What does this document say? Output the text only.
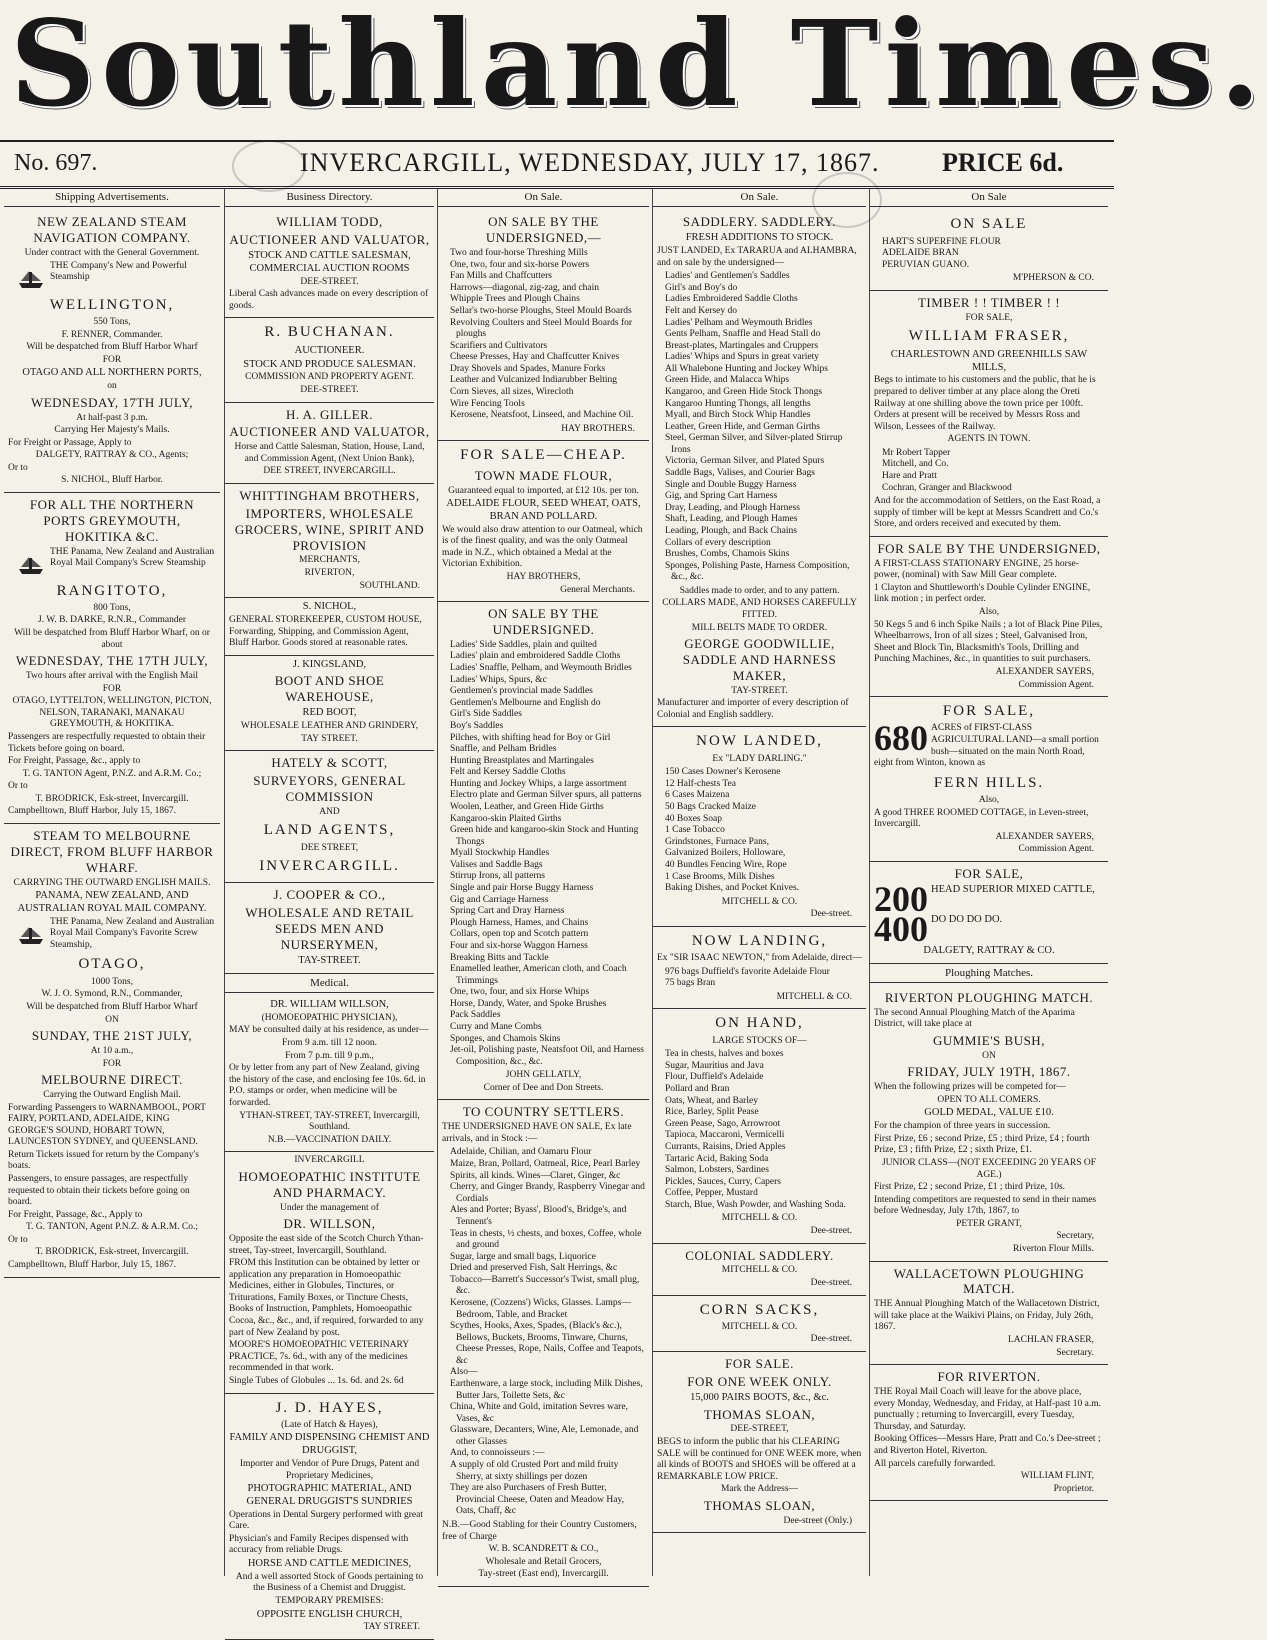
Southland Times.
No. 697.	INVERCARGILL, WEDNESDAY, JULY 17, 1867. PRICE 6d.
Shipping Advertisements.
NEW ZEALAND STEAM NAVIGATION COMPANY.

Under contract with the General Government.

THE Company's New and Powerful Steamship

WELLINGTON,

550 Tons,

F. RENNER, Commander.

Will be despatched from Bluff Harbor Wharf

FOR

OTAGO AND ALL NORTHERN PORTS,

on

WEDNESDAY, 17TH JULY,

At half-past 3 p.m.

Carrying Her Majesty's Mails.

For Freight or Passage, Apply to

DALGETY, RATTRAY & CO., Agents;

Or to

S. NICHOL, Bluff Harbor.

FOR ALL THE NORTHERN PORTS GREYMOUTH, HOKITIKA &C.

THE Panama, New Zealand and Australian Royal Mail Company's Screw Steamship

RANGITOTO,

800 Tons,

J. W. B. DARKE, R.N.R., Commander

Will be despatched from Bluff Harbor Wharf, on or about

WEDNESDAY, THE 17TH JULY,

Two hours after arrival with the English Mail

FOR

OTAGO, LYTTELTON, WELLINGTON, PICTON, NELSON, TARANAKI, MANAKAU GREYMOUTH, & HOKITIKA.

Passengers are respectfully requested to obtain their Tickets before going on board.

For Freight, Passage, &c., apply to

T. G. TANTON Agent, P.N.Z. and A.R.M. Co.;

Or to

T. BRODRICK, Esk-street, Invercargill.

Campbelltown, Bluff Harbor, July 15, 1867.

STEAM TO MELBOURNE DIRECT, FROM BLUFF HARBOR WHARF.

CARRYING THE OUTWARD ENGLISH MAILS.

PANAMA, NEW ZEALAND, AND AUSTRALIAN ROYAL MAIL COMPANY.

THE Panama, New Zealand and Australian Royal Mail Company's Favorite Screw Steamship,

OTAGO,

1000 Tons,

W. J. O. Symond, R.N., Commander,

Will be despatched from Bluff Harbor Wharf

ON

SUNDAY, THE 21ST JULY,

At 10 a.m.,

FOR

MELBOURNE DIRECT.

Carrying the Outward English Mail.

Forwarding Passengers to WARNAMBOOL, PORT FAIRY, PORTLAND, ADELAIDE, KING GEORGE'S SOUND, HOBART TOWN, LAUNCESTON SYDNEY, and QUEENSLAND.

Return Tickets issued for return by the Company's boats.

Passengers, to ensure passages, are respectfully requested to obtain their tickets before going on board.

For Freight, Passage, &c., Apply to

T. G. TANTON, Agent P.N.Z. & A.R.M. Co.;

Or to

T. BRODRICK, Esk-street, Invercargill.

Campbelltown, Bluff Harbor, July 15, 1867.

Business Directory.
WILLIAM TODD,
AUCTIONEER AND VALUATOR,

STOCK AND CATTLE SALESMAN, COMMERCIAL AUCTION ROOMS

DEE-STREET.

Liberal Cash advances made on every description of goods.

R. BUCHANAN.

AUCTIONEER.

STOCK AND PRODUCE SALESMAN.

COMMISSION AND PROPERTY AGENT.

DEE-STREET.

H. A. GILLER.
AUCTIONEER AND VALUATOR,

Horse and Cattle Salesman, Station, House, Land, and Commission Agent, (Next Union Bank),

DEE STREET, INVERCARGILL.

WHITTINGHAM BROTHERS,
IMPORTERS, WHOLESALE GROCERS, WINE, SPIRIT AND PROVISION

MERCHANTS,

RIVERTON,

SOUTHLAND.

S. NICHOL,

GENERAL STOREKEEPER, CUSTOM HOUSE, Forwarding, Shipping, and Commission Agent, Bluff Harbor. Goods stored at reasonable rates.

J. KINGSLAND,

BOOT AND SHOE WAREHOUSE,

RED BOOT,

WHOLESALE LEATHER AND GRINDERY,

TAY STREET.

HATELY & SCOTT,
SURVEYORS, GENERAL COMMISSION

AND

LAND AGENTS,

DEE STREET,

INVERCARGILL.
J. COOPER & CO.,
WHOLESALE AND RETAIL SEEDS MEN AND NURSERYMEN,

TAY-STREET.

Medical.

DR. WILLIAM WILLSON,

(HOMOEOPATHIC PHYSICIAN),

MAY be consulted daily at his residence, as under—

From 9 a.m. till 12 noon.

From 7 p.m. till 9 p.m.,

Or by letter from any part of New Zealand, giving the history of the case, and enclosing fee 10s. 6d. in P.O. stamps or order, when medicine will be forwarded.

YTHAN-STREET, TAY-STREET, Invercargill, Southland.

N.B.—VACCINATION DAILY.

INVERCARGILL

HOMOEOPATHIC INSTITUTE AND PHARMACY.

Under the management of

DR. WILLSON,

Opposite the east side of the Scotch Church Ythan-street, Tay-street, Invercargill, Southland.

FROM this Institution can be obtained by letter or application any preparation in Homoeopathic Medicines, either in Globules, Tinctures, or Triturations, Family Boxes, or Tincture Chests, Books of Instruction, Pamphlets, Homoeopathic Cocoa, &c., &c., and, if required, forwarded to any part of New Zealand by post.

MOORE'S HOMOEOPATHIC VETERINARY PRACTICE, 7s. 6d., with any of the medicines recommended in that work.

Single Tubes of Globules ... 1s. 6d. and 2s. 6d

J. D. HAYES,

(Late of Hatch & Hayes),

FAMILY AND DISPENSING CHEMIST AND DRUGGIST,

Importer and Vendor of Pure Drugs, Patent and Proprietary Medicines,

PHOTOGRAPHIC MATERIAL, AND GENERAL DRUGGIST'S SUNDRIES

Operations in Dental Surgery performed with great Care.

Physician's and Family Recipes dispensed with accuracy from reliable Drugs.

HORSE AND CATTLE MEDICINES,

And a well assorted Stock of Goods pertaining to the Business of a Chemist and Druggist.

TEMPORARY PREMISES:

OPPOSITE ENGLISH CHURCH,

TAY STREET.

On Sale.
ON SALE BY THE UNDERSIGNED,—
Two and four-horse Threshing Mills
One, two, four and six-horse Powers
Fan Mills and Chaffcutters
Harrows—diagonal, zig-zag, and chain
Whipple Trees and Plough Chains
Sellar's two-horse Ploughs, Steel Mould Boards
Revolving Coulters and Steel Mould Boards for ploughs
Scarifiers and Cultivators
Cheese Presses, Hay and Chaffcutter Knives
Dray Shovels and Spades, Manure Forks
Leather and Vulcanized Indiarubber Belting
Corn Sieves, all sizes, Wirecloth
Wire Fencing Tools
Kerosene, Neatsfoot, Linseed, and Machine Oil.

HAY BROTHERS.

FOR SALE—CHEAP.
TOWN MADE FLOUR,

Guaranteed equal to imported, at £12 10s. per ton.

ADELAIDE FLOUR, SEED WHEAT, OATS, BRAN AND POLLARD.

We would also draw attention to our Oatmeal, which is of the finest quality, and was the only Oatmeal made in N.Z., which obtained a Medal at the Victorian Exhibition.

HAY BROTHERS,

General Merchants.

ON SALE BY THE UNDERSIGNED.
Ladies' Side Saddles, plain and quilted
Ladies' plain and embroidered Saddle Cloths
Ladies' Snaffle, Pelham, and Weymouth Bridles
Ladies' Whips, Spurs, &c
Gentlemen's provincial made Saddles
Gentlemen's Melbourne and English do
Girl's Side Saddles
Boy's Saddles
Pilches, with shifting head for Boy or Girl
Snaffle, and Pelham Bridles
Hunting Breastplates and Martingales
Felt and Kersey Saddle Cloths
Hunting and Jockey Whips, a large assortment
Electro plate and German Silver spurs, all patterns
Woolen, Leather, and Green Hide Girths
Kangaroo-skin Plaited Girths
Green hide and kangaroo-skin Stock and Hunting Thongs
Myall Stockwhip Handles
Valises and Saddle Bags
Stirrup Irons, all patterns
Single and pair Horse Buggy Harness
Gig and Carriage Harness
Spring Cart and Dray Harness
Plough Harness, Hames, and Chains
Collars, open top and Scotch pattern
Four and six-horse Waggon Harness
Breaking Bitts and Tackle
Enamelled leather, American cloth, and Coach Trimmings
One, two, four, and six Horse Whips
Horse, Dandy, Water, and Spoke Brushes
Pack Saddles
Curry and Mane Combs
Sponges, and Chamois Skins
Jet-oil, Polishing paste, Neatsfoot Oil, and Harness Composition, &c., &c.

JOHN GELLATLY,

Corner of Dee and Don Streets.

TO COUNTRY SETTLERS.

THE UNDERSIGNED HAVE ON SALE, Ex late arrivals, and in Stock :—

Adelaide, Chilian, and Oamaru Flour
Maize, Bran, Pollard, Oatmeal, Rice, Pearl Barley
Spirits, all kinds. Wines—Claret, Ginger, &c
Cherry, and Ginger Brandy, Raspberry Vinegar and Cordials
Ales and Porter; Byass', Blood's, Bridge's, and Tennent's
Teas in chests, ½ chests, and boxes, Coffee, whole and ground
Sugar, large and small bags, Liquorice
Dried and preserved Fish, Salt Herrings, &c
Tobacco—Barrett's Successor's Twist, small plug, &c.
Kerosene, (Cozzens') Wicks, Glasses. Lamps—Bedroom, Table, and Bracket
Scythes, Hooks, Axes, Spades, (Black's &c.), Bellows, Buckets, Brooms, Tinware, Churns, Cheese Presses, Rope, Nails, Coffee and Teapots, &c
Also—
Earthenware, a large stock, including Milk Dishes, Butter Jars, Toilette Sets, &c
China, White and Gold, imitation Sevres ware, Vases, &c
Glassware, Decanters, Wine, Ale, Lemonade, and other Glasses
And, to connoisseurs :—
A supply of old Crusted Port and mild fruity Sherry, at sixty shillings per dozen
They are also Purchasers of Fresh Butter, Provincial Cheese, Oaten and Meadow Hay, Oats, Chaff, &c

N.B.—Good Stabling for their Country Customers, free of Charge

W. B. SCANDRETT & CO.,

Wholesale and Retail Grocers,

Tay-street (East end), Invercargill.

On Sale.
SADDLERY. SADDLERY.

FRESH ADDITIONS TO STOCK.

JUST LANDED, Ex TARARUA and ALHAMBRA, and on sale by the undersigned—

Ladies' and Gentlemen's Saddles
Girl's and Boy's do
Ladies Embroidered Saddle Cloths
Felt and Kersey do
Ladies' Pelham and Weymouth Bridles
Gents Pelham, Snaffle and Head Stall do
Breast-plates, Martingales and Cruppers
Ladies' Whips and Spurs in great variety
All Whalebone Hunting and Jockey Whips
Green Hide, and Malacca Whips
Kangaroo, and Green Hide Stock Thongs
Kangaroo Hunting Thongs, all lengths
Myall, and Birch Stock Whip Handles
Leather, Green Hide, and German Girths
Steel, German Silver, and Silver-plated Stirrup Irons
Victoria, German Silver, and Plated Spurs
Saddle Bags, Valises, and Courier Bags
Single and Double Buggy Harness
Gig, and Spring Cart Harness
Dray, Leading, and Plough Harness
Shaft, Leading, and Plough Hames
Leading, Plough, and Back Chains
Collars of every description
Brushes, Combs, Chamois Skins
Sponges, Polishing Paste, Harness Composition, &c., &c.

Saddles made to order, and to any pattern.

COLLARS MADE, AND HORSES CAREFULLY FITTED.

MILL BELTS MADE TO ORDER.

GEORGE GOODWILLIE, SADDLE AND HARNESS MAKER,

TAY-STREET.

Manufacturer and importer of every description of Colonial and English saddlery.

NOW LANDED,

Ex "LADY DARLING."

150 Cases Downer's Kerosene
12 Half-chests Tea
6 Cases Maizena
50 Bags Cracked Maize
40 Boxes Soap
1 Case Tobacco
Grindstones, Furnace Pans,
Galvanized Boilers, Holloware,
40 Bundles Fencing Wire, Rope
1 Case Brooms, Milk Dishes
Baking Dishes, and Pocket Knives.

MITCHELL & CO.

Dee-street.

NOW LANDING,

Ex "SIR ISAAC NEWTON," from Adelaide, direct—

976 bags Duffield's favorite Adelaide Flour
75 bags Bran

MITCHELL & CO.

ON HAND,

LARGE STOCKS OF—

Tea in chests, halves and boxes
Sugar, Mauritius and Java
Flour, Duffield's Adelaide
Pollard and Bran
Oats, Wheat, and Barley
Rice, Barley, Split Pease
Green Pease, Sago, Arrowroot
Tapioca, Maccaroni, Vermicelli
Currants, Raisins, Dried Apples
Tartaric Acid, Baking Soda
Salmon, Lobsters, Sardines
Pickles, Sauces, Curry, Capers
Coffee, Pepper, Mustard
Starch, Blue, Wash Powder, and Washing Soda.

MITCHELL & CO.

Dee-street.

COLONIAL SADDLERY.

MITCHELL & CO.

Dee-street.

CORN SACKS,

MITCHELL & CO.

Dee-street.

FOR SALE.
FOR ONE WEEK ONLY.

15,000 PAIRS BOOTS, &c., &c.

THOMAS SLOAN,

DEE-STREET,

BEGS to inform the public that his CLEARING SALE will be continued for ONE WEEK more, when all kinds of BOOTS and SHOES will be offered at a REMARKABLE LOW PRICE.

Mark the Address—

THOMAS SLOAN,

Dee-street (Only.)

On Sale
ON SALE
HART'S SUPERFINE FLOUR
ADELAIDE BRAN
PERUVIAN GUANO.

M'PHERSON & CO.

TIMBER ! ! TIMBER ! !

FOR SALE,

WILLIAM FRASER,

CHARLESTOWN AND GREENHILLS SAW MILLS,

Begs to intimate to his customers and the public, that he is prepared to deliver timber at any place along the Oreti Railway at one shilling above the town price per 100ft. Orders at present will be received by Messrs Ross and Wilson, Lessees of the Railway.

AGENTS IN TOWN.

Mr Robert Tapper
Mitchell, and Co.
Hare and Pratt
Cochran, Granger and Blackwood

And for the accommodation of Settlers, on the East Road, a supply of timber will be kept at Messrs Scandrett and Co.'s Store, and orders received and executed by them.

FOR SALE BY THE UNDERSIGNED,

A FIRST-CLASS STATIONARY ENGINE, 25 horse-power, (nominal) with Saw Mill Gear complete.

1 Clayton and Shuttleworth's Double Cylinder ENGINE, link motion ; in perfect order.

Also,

50 Kegs 5 and 6 inch Spike Nails ; a lot of Black Pine Piles, Wheelbarrows, Iron of all sizes ; Steel, Galvanised Iron, Sheet and Block Tin, Blacksmith's Tools, Drilling and Punching Machines, &c., in quantities to suit purchasers.

ALEXANDER SAYERS,

Commission Agent.

FOR SALE,
680 ACRES of FIRST-CLASS AGRICULTURAL LAND—a small portion bush—situated on the main North Road, eight from Winton, known as

FERN HILLS.

Also,

A good THREE ROOMED COTTAGE, in Leven-street, Invercargill.

ALEXANDER SAYERS,

Commission Agent.

FOR SALE,
200 HEAD SUPERIOR MIXED CATTLE,
400 DO DO DO DO.

DALGETY, RATTRAY & CO.

Ploughing Matches.
RIVERTON PLOUGHING MATCH.

The second Annual Ploughing Match of the Aparima District, will take place at

GUMMIE'S BUSH,

ON

FRIDAY, JULY 19TH, 1867.

When the following prizes will be competed for—

OPEN TO ALL COMERS.

GOLD MEDAL, VALUE £10.

For the champion of three years in succession.

First Prize, £6 ; second Prize, £5 ; third Prize, £4 ; fourth Prize, £3 ; fifth Prize, £2 ; sixth Prize, £1.

JUNIOR CLASS—(NOT EXCEEDING 20 YEARS OF AGE.)

First Prize, £2 ; second Prize, £1 ; third Prize, 10s.

Intending competitors are requested to send in their names before Wednesday, July 17th, 1867, to

PETER GRANT,

Secretary,

Riverton Flour Mills.

WALLACETOWN PLOUGHING MATCH.

THE Annual Ploughing Match of the Wallacetown District, will take place at the Waikivi Plains, on Friday, July 26th, 1867.

LACHLAN FRASER,

Secretary.

FOR RIVERTON.

THE Royal Mail Coach will leave for the above place, every Monday, Wednesday, and Friday, at Half-past 10 a.m. punctually ; returning to Invercargill, every Tuesday, Thursday, and Saturday.

Booking Offices—Messrs Hare, Pratt and Co.'s Dee-street ; and Riverton Hotel, Riverton.

All parcels carefully forwarded.

WILLIAM FLINT,

Proprietor.
